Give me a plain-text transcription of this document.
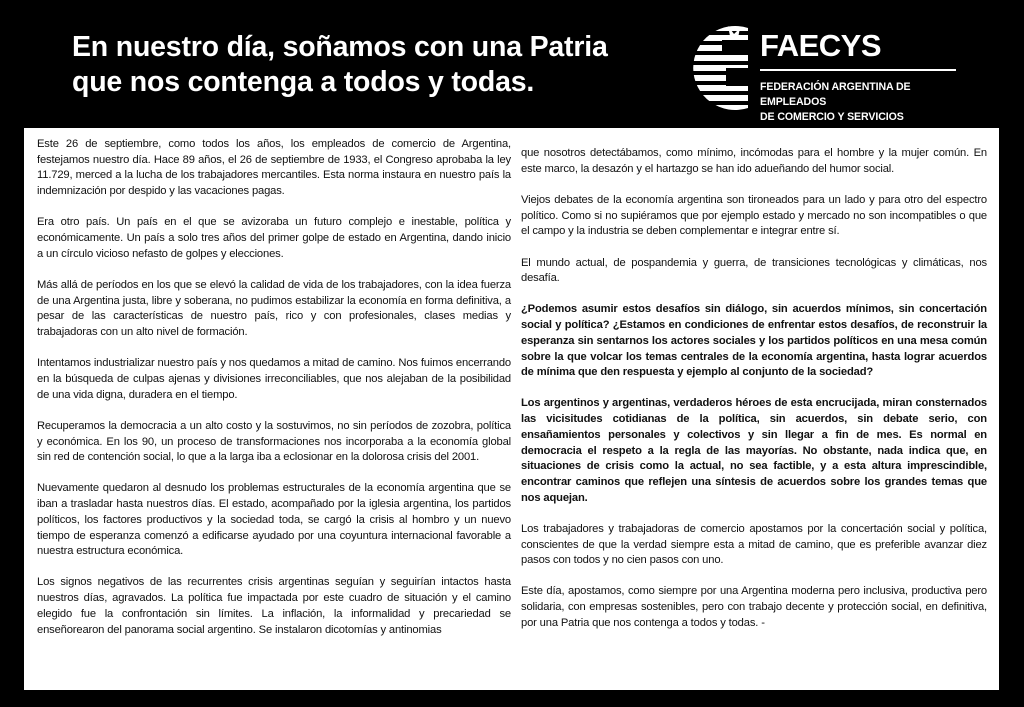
En nuestro día, soñamos con una Patria
que nos contenga a todos y todas.
FAECYS
FEDERACIÓN ARGENTINA DE EMPLEADOS
DE COMERCIO Y SERVICIOS

Este 26 de septiembre, como todos los años, los empleados de comercio de Argentina, festejamos nuestro día. Hace 89 años, el 26 de septiembre de 1933, el Congreso aprobaba la ley 11.729, merced a la lucha de los trabajadores mercantiles. Esta norma instaura en nuestro país la indemnización por despido y las vacaciones pagas.

Era otro país. Un país en el que se avizoraba un futuro complejo e inestable, política y económicamente. Un país a solo tres años del primer golpe de estado en Argentina, dando inicio a un círculo vicioso nefasto de golpes y elecciones.

Más allá de períodos en los que se elevó la calidad de vida de los trabajadores, con la idea fuerza de una Argentina justa, libre y soberana, no pudimos estabilizar la economía en forma definitiva, a pesar de las características de nuestro país, rico y con profesionales, clases medias y trabajadoras con un alto nivel de formación.

Intentamos industrializar nuestro país y nos quedamos a mitad de camino. Nos fuimos encerrando en la búsqueda de culpas ajenas y divisiones irreconciliables, que nos alejaban de la posibilidad de una vida digna, duradera en el tiempo.

Recuperamos la democracia a un alto costo y la sostuvimos, no sin períodos de zozobra, política y económica. En los 90, un proceso de transformaciones nos incorporaba a la economía global sin red de contención social, lo que a la larga iba a eclosionar en la dolorosa crisis del 2001.

Nuevamente quedaron al desnudo los problemas estructurales de la economía argentina que se iban a trasladar hasta nuestros días. El estado, acompañado por la iglesia argentina, los partidos políticos, los factores productivos y la sociedad toda, se cargó la crisis al hombro y un nuevo tiempo de esperanza comenzó a edificarse ayudado por una coyuntura internacional favorable a nuestra estructura económica.

Los signos negativos de las recurrentes crisis argentinas seguían y seguirían intactos hasta nuestros días, agravados. La política fue impactada por este cuadro de situación y el camino elegido fue la confrontación sin límites. La inflación, la informalidad y precariedad se enseñorearon del panorama social argentino. Se instalaron dicotomías y antinomias

que nosotros detectábamos, como mínimo, incómodas para el hombre y la mujer común. En este marco, la desazón y el hartazgo se han ido adueñando del humor social.

Viejos debates de la economía argentina son tironeados para un lado y para otro del espectro político. Como si no supiéramos que por ejemplo estado y mercado no son incompatibles o que el campo y la industria se deben complementar e integrar entre sí.

El mundo actual, de pospandemia y guerra, de transiciones tecnológicas y climáticas, nos desafía.

¿Podemos asumir estos desafíos sin diálogo, sin acuerdos mínimos, sin concertación social y política? ¿Estamos en condiciones de enfrentar estos desafíos, de reconstruir la esperanza sin sentarnos los actores sociales y los partidos políticos en una mesa común sobre la que volcar los temas centrales de la economía argentina, hasta lograr acuerdos de mínima que den respuesta y ejemplo al conjunto de la sociedad?

Los argentinos y argentinas, verdaderos héroes de esta encrucijada, miran consternados las vicisitudes cotidianas de la política, sin acuerdos, sin debate serio, con ensañamientos personales y colectivos y sin llegar a fin de mes. Es normal en democracia el respeto a la regla de las mayorías. No obstante, nada indica que, en situaciones de crisis como la actual, no sea factible, y a esta altura imprescindible, encontrar caminos que reflejen una síntesis de acuerdos sobre los grandes temas que nos aquejan.

Los trabajadores y trabajadoras de comercio apostamos por la concertación social y política, conscientes de que la verdad siempre esta a mitad de camino, que es preferible avanzar diez pasos con todos y no cien pasos con uno.

Este día, apostamos, como siempre por una Argentina moderna pero inclusiva, productiva pero solidaria, con empresas sostenibles, pero con trabajo decente y protección social, en definitiva, por una Patria que nos contenga a todos y todas. -
